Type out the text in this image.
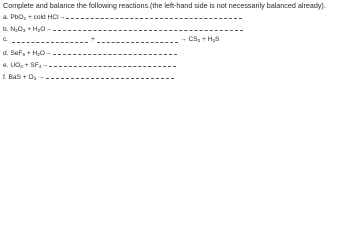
Complete and balance the following reactions.(the left-hand side is not necessarily balanced already).
a.
PbO$_2$ + cold HCl→
b.
$N_2O_3 + H_2O\to$
c.	+	→ $CS_2 + H_2S$
d.
$SeF_6 + H_2O\to$
e.
$UO_3 + SF_4\to$
f.
BaS + $O_3$ →
